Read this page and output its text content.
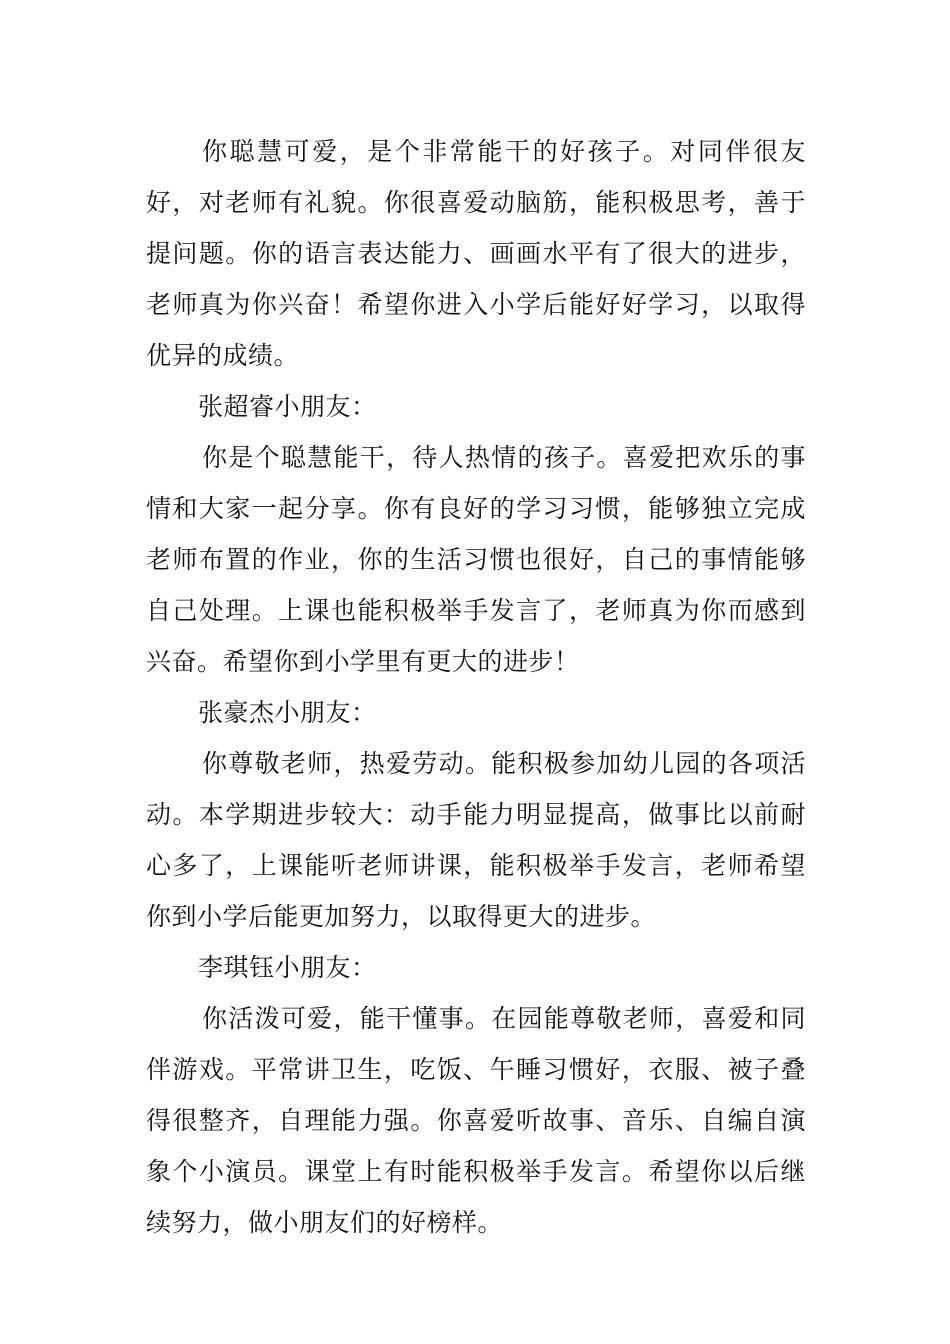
你聪慧可爱，是个非常能干的好孩子。对同伴很友好，对老师有礼貌。你很喜爱动脑筋，能积极思考，善于提问题。你的语言表达能力、画画水平有了很大的进步，老师真为你兴奋！希望你进入小学后能好好学习，以取得优异的成绩。

张超睿小朋友：

你是个聪慧能干，待人热情的孩子。喜爱把欢乐的事情和大家一起分享。你有良好的学习习惯，能够独立完成老师布置的作业，你的生活习惯也很好，自己的事情能够自己处理。上课也能积极举手发言了，老师真为你而感到兴奋。希望你到小学里有更大的进步！

张豪杰小朋友：

你尊敬老师，热爱劳动。能积极参加幼儿园的各项活动。本学期进步较大：动手能力明显提高，做事比以前耐心多了，上课能听老师讲课，能积极举手发言，老师希望你到小学后能更加努力，以取得更大的进步。

李琪钰小朋友：

你活泼可爱，能干懂事。在园能尊敬老师，喜爱和同伴游戏。平常讲卫生，吃饭、午睡习惯好，衣服、被子叠得很整齐，自理能力强。你喜爱听故事、音乐、自编自演象个小演员。课堂上有时能积极举手发言。希望你以后继续努力，做小朋友们的好榜样。
